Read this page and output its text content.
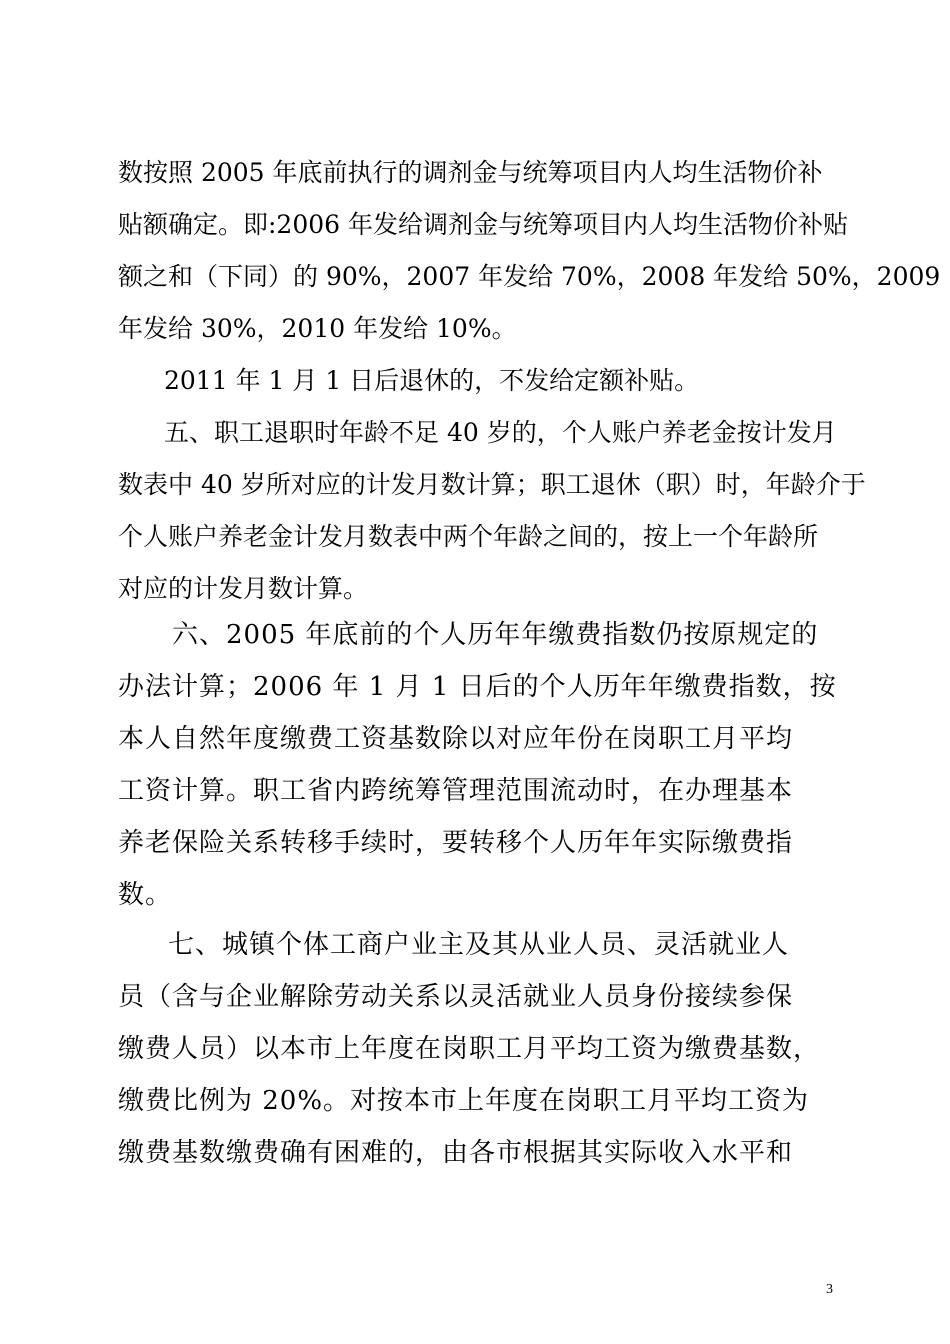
数按照 2005 年底前执行的调剂金与统筹项目内人均生活物价补
贴额确定。即:2006 年发给调剂金与统筹项目内人均生活物价补贴
额之和（下同）的 90%，2007 年发给 70%，2008 年发给 50%，2009
年发给 30%，2010 年发给 10%。
2011 年 1 月 1 日后退休的，不发给定额补贴。
五、职工退职时年龄不足 40 岁的，个人账户养老金按计发月
数表中 40 岁所对应的计发月数计算；职工退休（职）时，年龄介于
个人账户养老金计发月数表中两个年龄之间的，按上一个年龄所
对应的计发月数计算。
六、2005 年底前的个人历年年缴费指数仍按原规定的
办法计算；2006 年 1 月 1 日后的个人历年年缴费指数，按
本人自然年度缴费工资基数除以对应年份在岗职工月平均
工资计算。职工省内跨统筹管理范围流动时，在办理基本
养老保险关系转移手续时，要转移个人历年年实际缴费指
数。
七、城镇个体工商户业主及其从业人员、灵活就业人
员（含与企业解除劳动关系以灵活就业人员身份接续参保
缴费人员）以本市上年度在岗职工月平均工资为缴费基数，
缴费比例为 20%。对按本市上年度在岗职工月平均工资为
缴费基数缴费确有困难的，由各市根据其实际收入水平和
3
